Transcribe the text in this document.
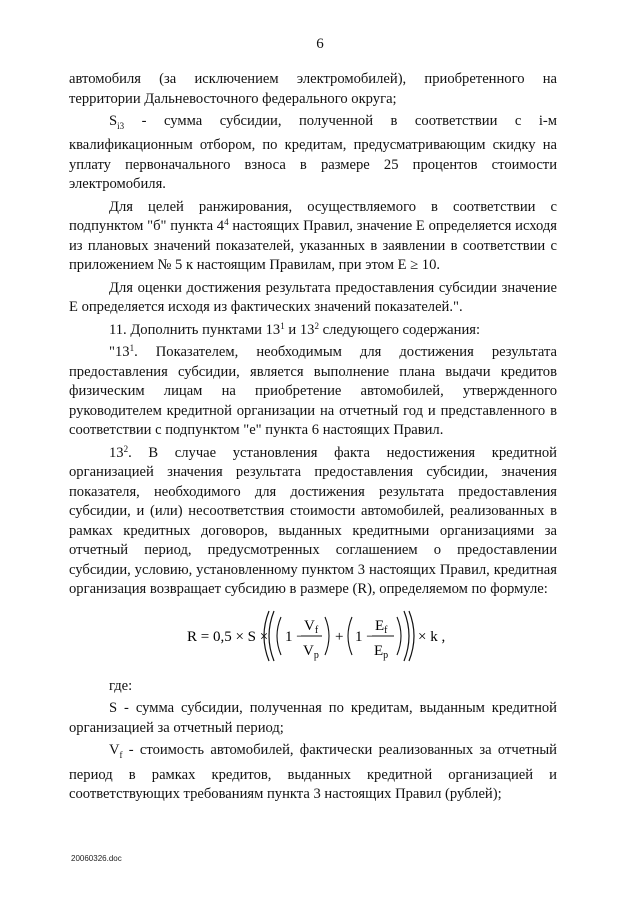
6

автомобиля (за исключением электромобилей), приобретенного на территории Дальневосточного федерального округа;

$S_{i3}$ - сумма субсидии, полученной в соответствии с i-м квалификационным отбором, по кредитам, предусматривающим скидку на уплату первоначального взноса в размере 25 процентов стоимости электромобиля.

Для целей ранжирования, осуществляемого в соответствии с подпунктом "б" пункта $4^4$ настоящих Правил, значение E определяется исходя из плановых значений показателей, указанных в заявлении в соответствии с приложением № 5 к настоящим Правилам, при этом E ≥ 10.

Для оценки достижения результата предоставления субсидии значение E определяется исходя из фактических значений показателей.".

11. Дополнить пунктами $13^1$ и $13^2$ следующего содержания:

"$13^1$. Показателем, необходимым для достижения результата предоставления субсидии, является выполнение плана выдачи кредитов физическим лицам на приобретение автомобилей, утвержденного руководителем кредитной организации на отчетный год и представленного в соответствии с подпунктом "е" пункта 6 настоящих Правил.

$13^2$. В случае установления факта недостижения кредитной организацией значения результата предоставления субсидии, значения показателя, необходимого для достижения результата предоставления субсидии, и (или) несоответствия стоимости автомобилей, реализованных в рамках кредитных договоров, выданных кредитными организациями за отчетный период, предусмотренных соглашением о предоставлении субсидии, условию, установленному пунктом 3 настоящих Правил, кредитная организация возвращает субсидию в размере (R), определяемом по формуле:

R = 0,5 × S × 1 −
$V_f$
$V_p$
+ 1 −
$E_f$
$E_p$
× k ,

где:

S - сумма субсидии, полученная по кредитам, выданным кредитной организацией за отчетный период;

$V_f$ - стоимость автомобилей, фактически реализованных за отчетный период в рамках кредитов, выданных кредитной организацией и соответствующих требованиям пункта 3 настоящих Правил (рублей);

20060326.doc
